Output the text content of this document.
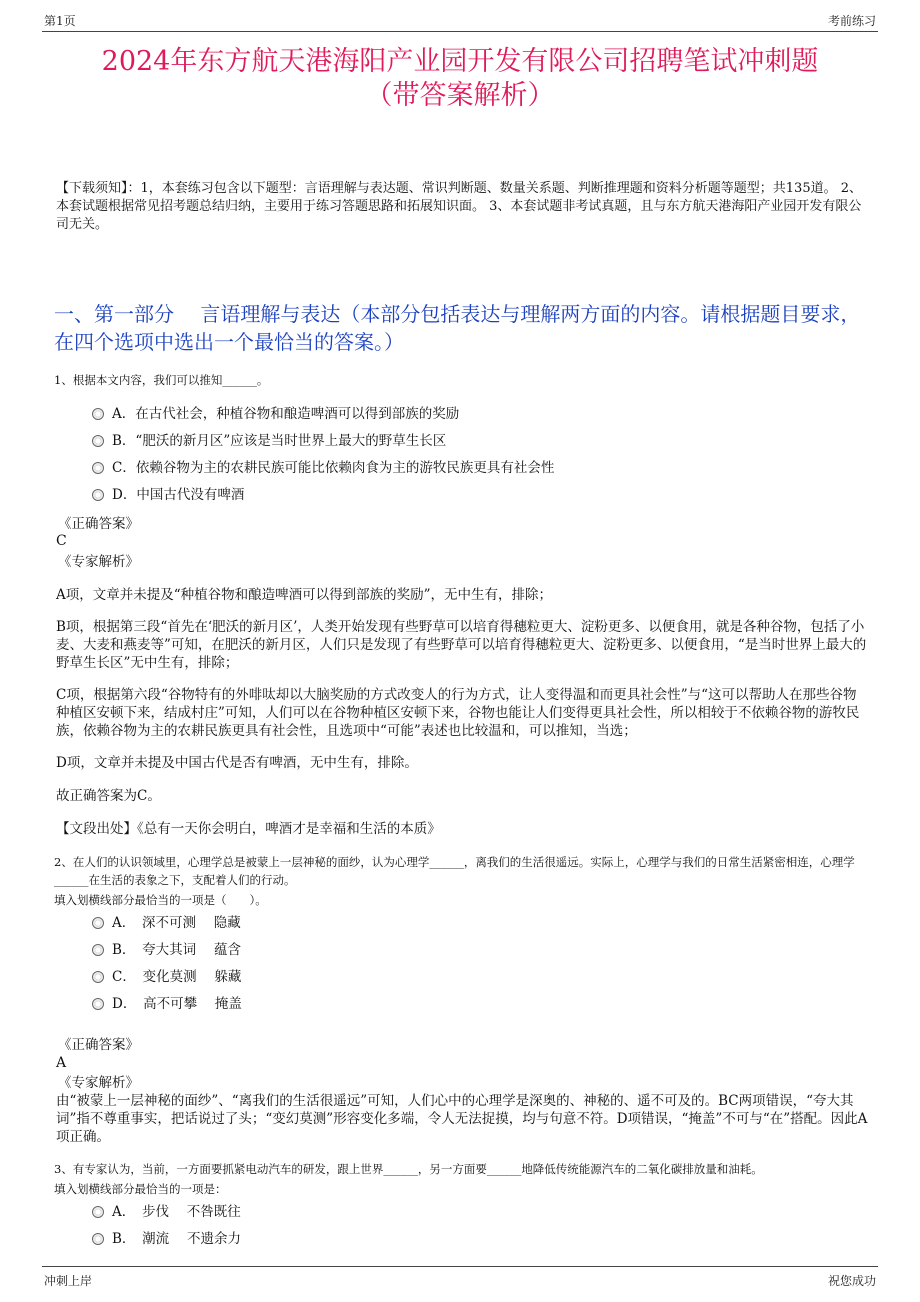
第1页	考前练习
2024年东方航天港海阳产业园开发有限公司招聘笔试冲刺题
（带答案解析）
【下载须知】：1，本套练习包含以下题型：言语理解与表达题、常识判断题、数量关系题、判断推理题和资料分析题等题型；共135道。 2、本套试题根据常见招考题总结归纳，主要用于练习答题思路和拓展知识面。 3、本套试题非考试真题，且与东方航天港海阳产业园开发有限公司无关。
一、第一部分　 言语理解与表达（本部分包括表达与理解两方面的内容。请根据题目要求，在四个选项中选出一个最恰当的答案。）
1、根据本文内容，我们可以推知______。
A．在古代社会，种植谷物和酿造啤酒可以得到部族的奖励
B．“肥沃的新月区”应该是当时世界上最大的野草生长区
C．依赖谷物为主的农耕民族可能比依赖肉食为主的游牧民族更具有社会性
D．中国古代没有啤酒
《正确答案》
C
《专家解析》
A项，文章并未提及“种植谷物和酿造啤酒可以得到部族的奖励”，无中生有，排除；
B项，根据第三段“首先在‘肥沃的新月区’，人类开始发现有些野草可以培育得穗粒更大、淀粉更多、以便食用，就是各种谷物，包括了小麦、大麦和燕麦等”可知，在肥沃的新月区，人们只是发现了有些野草可以培育得穗粒更大、淀粉更多、以便食用，“是当时世界上最大的野草生长区”无中生有，排除；
C项，根据第六段“谷物特有的外啡呔却以大脑奖励的方式改变人的行为方式，让人变得温和而更具社会性”与“这可以帮助人在那些谷物种植区安顿下来，结成村庄”可知，人们可以在谷物种植区安顿下来，谷物也能让人们变得更具社会性，所以相较于不依赖谷物的游牧民族，依赖谷物为主的农耕民族更具有社会性，且选项中“可能”表述也比较温和，可以推知，当选；
D项，文章并未提及中国古代是否有啤酒，无中生有，排除。
故正确答案为C。
【文段出处】《总有一天你会明白，啤酒才是幸福和生活的本质》
2、在人们的认识领域里，心理学总是被蒙上一层神秘的面纱，认为心理学______，离我们的生活很遥远。实际上，心理学与我们的日常生活紧密相连，心理学______在生活的表象之下，支配着人们的行动。
填入划横线部分最恰当的一项是（　　）。
A．　深不可测　 隐藏
B．　夸大其词　 蕴含
C．　变化莫测　 躲藏
D．　高不可攀　 掩盖
《正确答案》
A
《专家解析》
由“被蒙上一层神秘的面纱”、“离我们的生活很遥远”可知，人们心中的心理学是深奥的、神秘的、遥不可及的。BC两项错误，“夸大其词”指不尊重事实，把话说过了头；“变幻莫测”形容变化多端，令人无法捉摸，均与句意不符。D项错误，“掩盖”不可与“在”搭配。因此A项正确。
3、有专家认为，当前，一方面要抓紧电动汽车的研发，跟上世界______，另一方面要______地降低传统能源汽车的二氧化碳排放量和油耗。
填入划横线部分最恰当的一项是：
A．　步伐　 不咎既往
B．　潮流　 不遗余力
冲刺上岸	祝您成功
